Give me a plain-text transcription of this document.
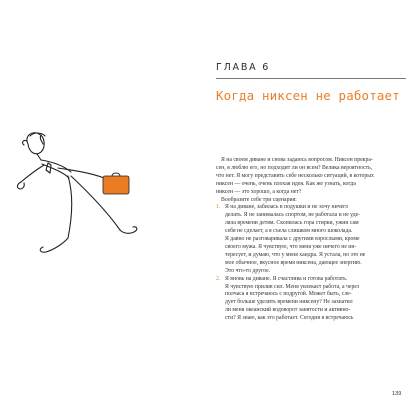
ГЛАВА 6
Когда никсен не работает
Я на своем диване и снова задаюсь вопросом. Никсен прекра-
сен, я люблю его, но подходит ли он всем? Велика вероятность,
что нет. Я могу представить себе несколько ситуаций, в которых
никсен — очень, очень плохая идея. Как же узнать, когда
никсен — это хорошо, а когда нет?
Вообразите себе три сценария:
1. Я на диване, забилась в подушки и не хочу ничего
делать. Я не занималась спортом, не работала и не уде-
ляла времени детям. Скопилась гора стирки, ужин сам
себя не сделает, а я съела слишком много шоколада.
Я давно не разговаривала с другими взрослыми, кроме
своего мужа. Я чувствую, что меня уже ничего не ин-
тересует, и думаю, что у меня хандра. Я устала, но это не
мое обычное, вкусное время никсена, дающее энергию.
Это что-то другое.
2. Я вновь на диване. Я счастлива и готова работать.
Я чувствую прилив сил. Меня увлекает работа, а через
полчаса я встречаюсь с подругой. Может быть, сле-
дует больше уделить времени никсену? Не захватил
ли меня океанский водоворот занятости и активно-
сти? Я знаю, как это работает. Сегодня я встречаюсь
139
